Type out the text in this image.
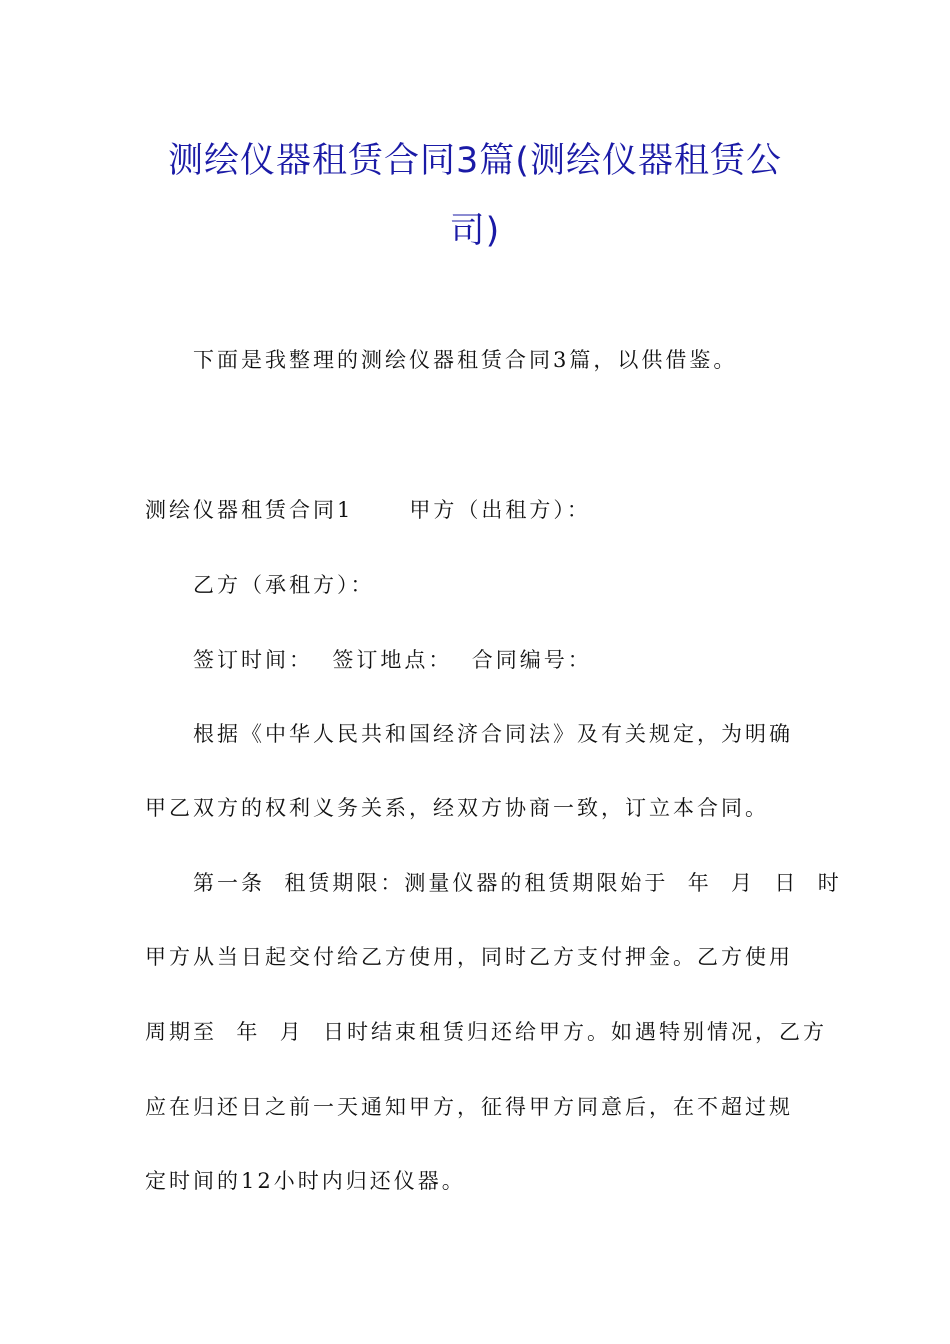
测绘仪器租赁合同3篇(测绘仪器租赁公
司)

下面是我整理的测绘仪器租赁合同3篇，以供借鉴。

测绘仪器租赁合同1	甲方（出租方）：

乙方（承租方）：

签订时间：  签订地点：  合同编号：

根据《中华人民共和国经济合同法》及有关规定，为明确

甲乙双方的权利义务关系，经双方协商一致，订立本合同。

第一条  租赁期限：测量仪器的租赁期限始于  年  月  日  时

甲方从当日起交付给乙方使用，同时乙方支付押金。乙方使用

周期至  年  月  日时结束租赁归还给甲方。如遇特别情况，乙方

应在归还日之前一天通知甲方，征得甲方同意后，在不超过规

定时间的12小时内归还仪器。
